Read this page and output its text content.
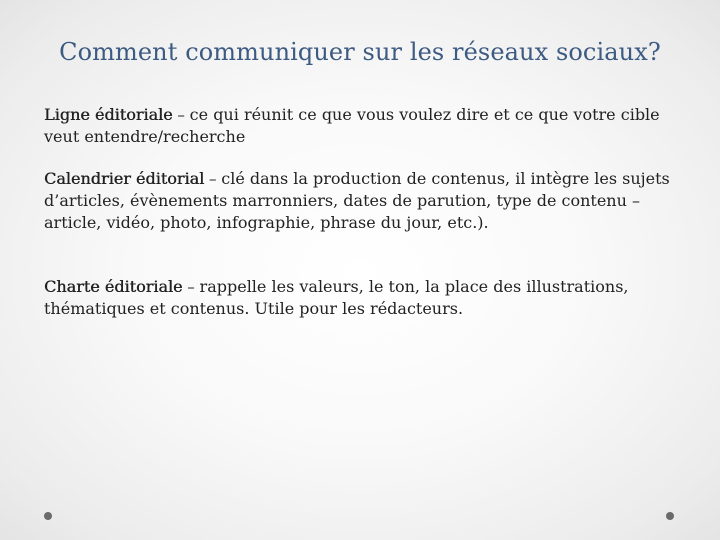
Comment communiquer sur les réseaux sociaux?

Ligne éditoriale – ce qui réunit ce que vous voulez dire et ce que votre cible veut entendre/recherche

Calendrier éditorial – clé dans la production de contenus, il intègre les sujets d’articles, évènements marronniers, dates de parution, type de contenu – article, vidéo, photo, infographie, phrase du jour, etc.).

Charte éditoriale – rappelle les valeurs, le ton, la place des illustrations, thématiques et contenus. Utile pour les rédacteurs.
